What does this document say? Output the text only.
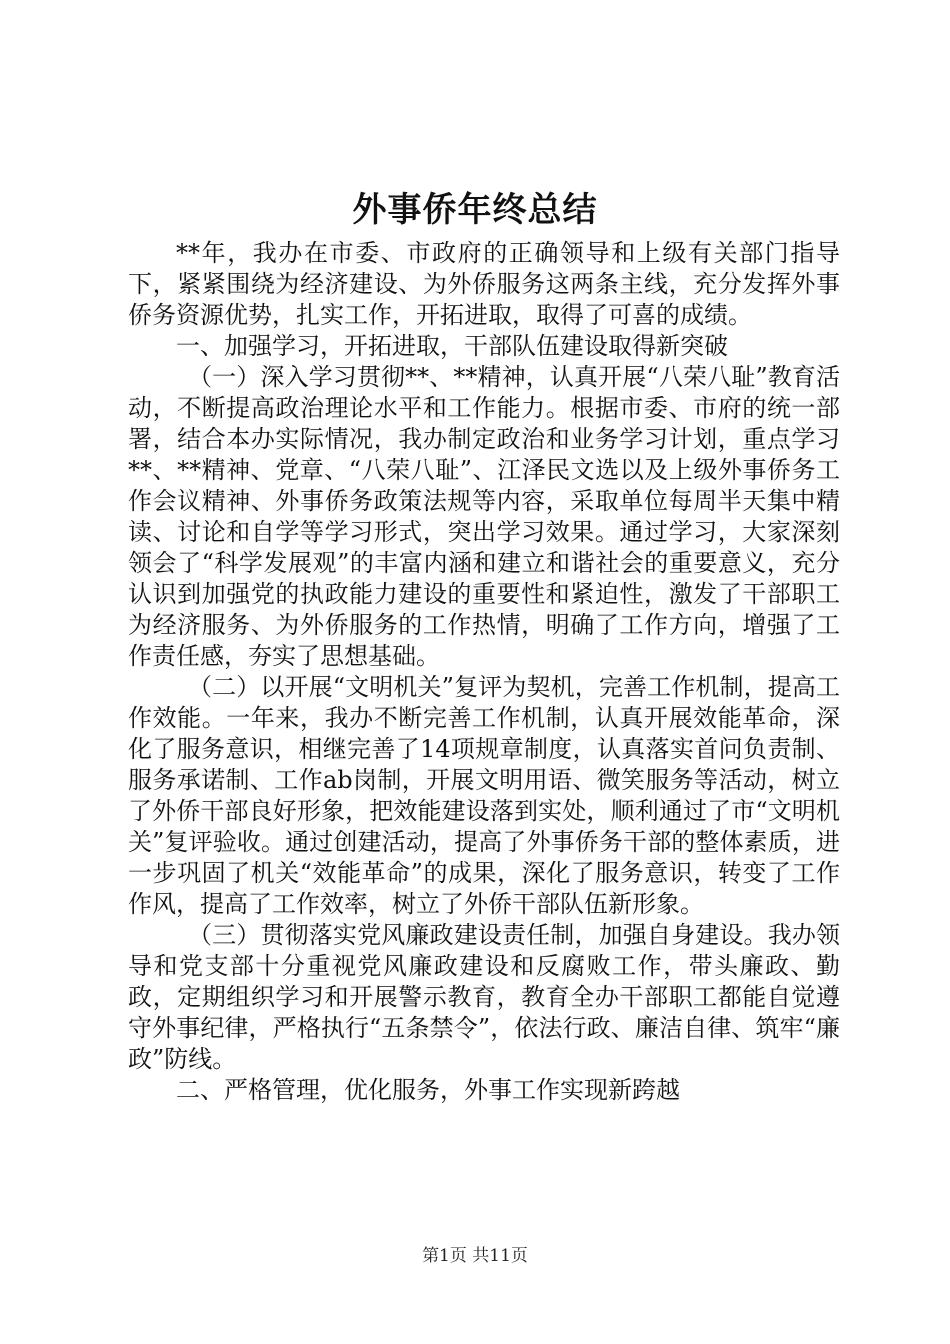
外事侨年终总结

**年，我办在市委、市政府的正确领导和上级有关部门指导下，紧紧围绕为经济建设、为外侨服务这两条主线，充分发挥外事侨务资源优势，扎实工作，开拓进取，取得了可喜的成绩。

一、加强学习，开拓进取，干部队伍建设取得新突破

（一）深入学习贯彻**、**精神，认真开展“八荣八耻”教育活动，不断提高政治理论水平和工作能力。根据市委、市府的统一部署，结合本办实际情况，我办制定政治和业务学习计划，重点学习**、**精神、党章、“八荣八耻”、江泽民文选以及上级外事侨务工作会议精神、外事侨务政策法规等内容，采取单位每周半天集中精读、讨论和自学等学习形式，突出学习效果。通过学习，大家深刻领会了“科学发展观”的丰富内涵和建立和谐社会的重要意义，充分认识到加强党的执政能力建设的重要性和紧迫性，激发了干部职工为经济服务、为外侨服务的工作热情，明确了工作方向，增强了工作责任感，夯实了思想基础。

（二）以开展“文明机关”复评为契机，完善工作机制，提高工作效能。一年来，我办不断完善工作机制，认真开展效能革命，深化了服务意识，相继完善了14项规章制度，认真落实首问负责制、服务承诺制、工作ab岗制，开展文明用语、微笑服务等活动，树立了外侨干部良好形象，把效能建设落到实处，顺利通过了市“文明机关”复评验收。通过创建活动，提高了外事侨务干部的整体素质，进一步巩固了机关“效能革命”的成果，深化了服务意识，转变了工作作风，提高了工作效率，树立了外侨干部队伍新形象。

（三）贯彻落实党风廉政建设责任制，加强自身建设。我办领导和党支部十分重视党风廉政建设和反腐败工作，带头廉政、勤政，定期组织学习和开展警示教育，教育全办干部职工都能自觉遵守外事纪律，严格执行“五条禁令”，依法行政、廉洁自律、筑牢“廉政”防线。

二、严格管理，优化服务，外事工作实现新跨越

第1页 共11页
